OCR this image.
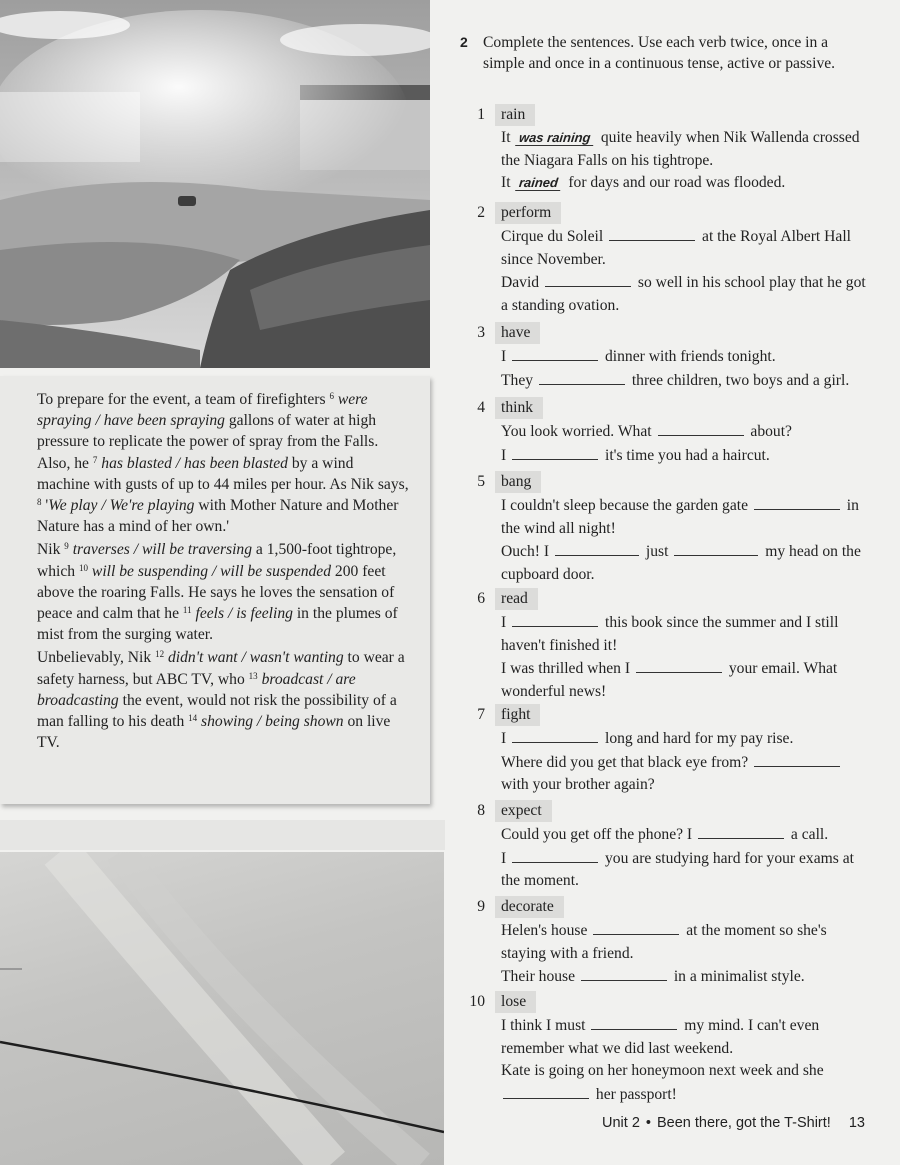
To prepare for the event, a team of firefighters $^6$ were spraying / have been spraying gallons of water at high pressure to replicate the power of spray from the Falls. Also, he $^7$ has blasted / has been blasted by a wind machine with gusts of up to 44 miles per hour. As Nik says, $^8$ 'We play / We're playing with Mother Nature and Mother Nature has a mind of her own.'

Nik $^9$ traverses / will be traversing a 1,500-foot tightrope, which $^{10}$ will be suspending / will be suspended 200 feet above the roaring Falls. He says he loves the sensation of peace and calm that he $^{11}$ feels / is feeling in the plumes of mist from the surging water.

Unbelievably, Nik $^{12}$ didn't want / wasn't wanting to wear a safety harness, but ABC TV, who $^{13}$ broadcast / are broadcasting the event, would not risk the possibility of a man falling to his death $^{14}$ showing / being shown on live TV.

2 Complete the sentences. Use each verb twice, once in a simple and once in a continuous tense, active or passive.
1	rain

It was raining quite heavily when Nik Wallenda crossed the Niagara Falls on his tightrope.

It rained for days and our road was flooded.

2	perform

Cirque du Soleil	at the Royal Albert Hall since November.

David	so well in his school play that he got a standing ovation.

3	have

I	dinner with friends tonight.

They	three children, two boys and a girl.

4	think

You look worried. What	about?

I	it's time you had a haircut.

5	bang

I couldn't sleep because the garden gate	in the wind all night!

Ouch! I	just	my head on the cupboard door.

6	read

I	this book since the summer and I still haven't finished it!

I was thrilled when I	your email. What wonderful news!

7	fight

I	long and hard for my pay rise.

Where did you get that black eye from?  with your brother again?

8	expect

Could you get off the phone? I	a call.

I	you are studying hard for your exams at the moment.

9	decorate

Helen's house	at the moment so she's staying with a friend.

Their house	in a minimalist style.

10	lose

I think I must	my mind. I can't even remember what we did last weekend.

Kate is going on her honeymoon next week and she  her passport!

Unit 2 • Been there, got the T-Shirt! 13
